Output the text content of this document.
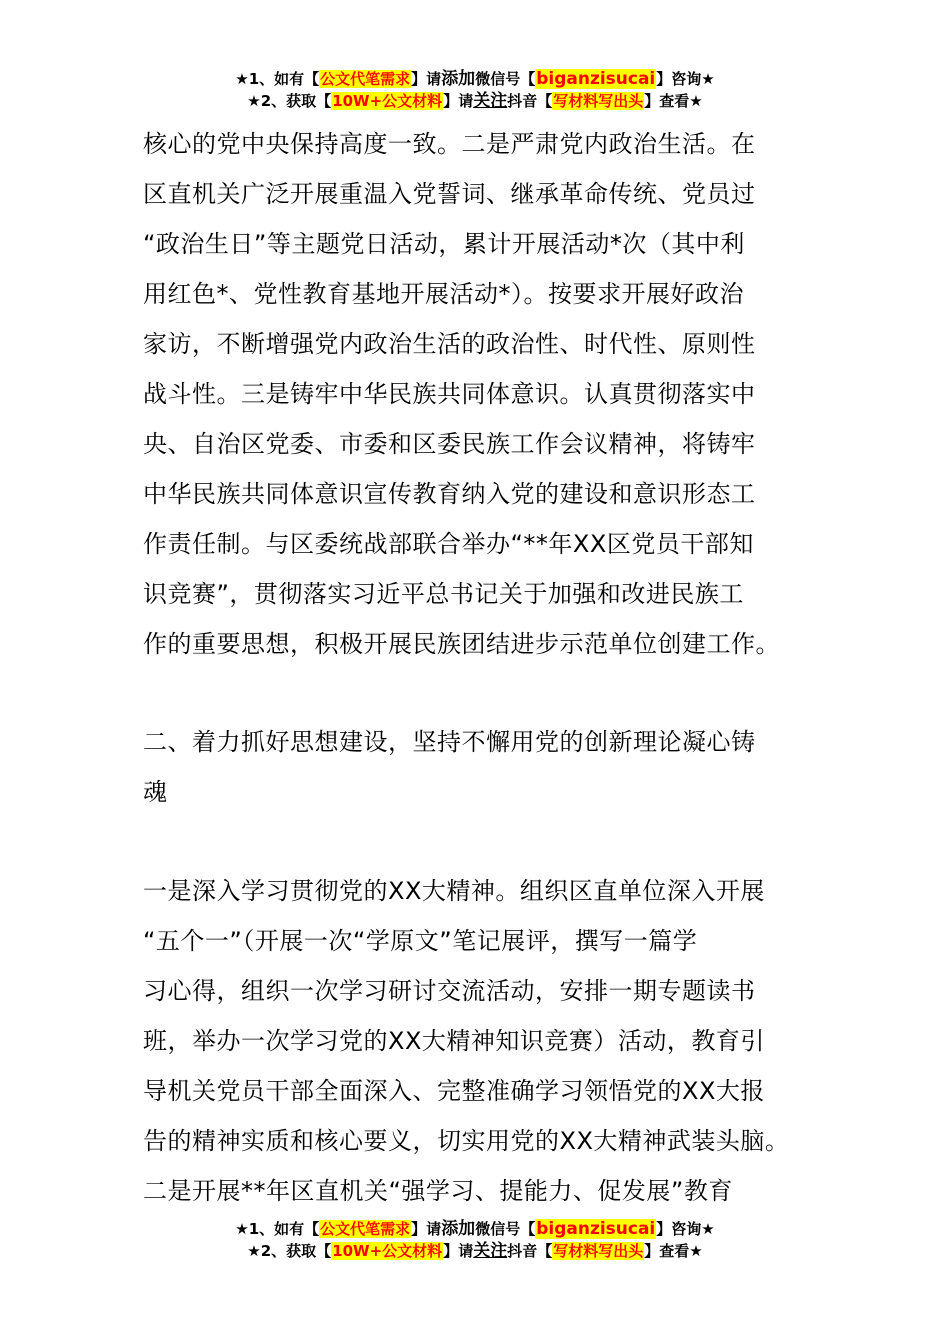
★1、如有【公文代笔需求】请添加微信号【biganzisucai】咨询★
★2、获取【10W+公文材料】请关注抖音【写材料写出头】查看★
核心的党中央保持高度一致。二是严肃党内政治生活。在
区直机关广泛开展重温入党誓词、继承革命传统、党员过
“政治生日”等主题党日活动，累计开展活动*次（其中利
用红色*、党性教育基地开展活动*）。按要求开展好政治
家访，不断增强党内政治生活的政治性、时代性、原则性
战斗性。三是铸牢中华民族共同体意识。认真贯彻落实中
央、自治区党委、市委和区委民族工作会议精神，将铸牢
中华民族共同体意识宣传教育纳入党的建设和意识形态工
作责任制。与区委统战部联合举办“**年XX区党员干部知
识竞赛”，贯彻落实习近平总书记关于加强和改进民族工
作的重要思想，积极开展民族团结进步示范单位创建工作。
二、着力抓好思想建设，坚持不懈用党的创新理论凝心铸
魂
一是深入学习贯彻党的XX大精神。组织区直单位深入开展
“五个一”（开展一次“学原文”笔记展评，撰写一篇学
习心得，组织一次学习研讨交流活动，安排一期专题读书
班，举办一次学习党的XX大精神知识竞赛）活动，教育引
导机关党员干部全面深入、完整准确学习领悟党的XX大报
告的精神实质和核心要义，切实用党的XX大精神武装头脑。
二是开展**年区直机关“强学习、提能力、促发展”教育
★1、如有【公文代笔需求】请添加微信号【biganzisucai】咨询★
★2、获取【10W+公文材料】请关注抖音【写材料写出头】查看★
